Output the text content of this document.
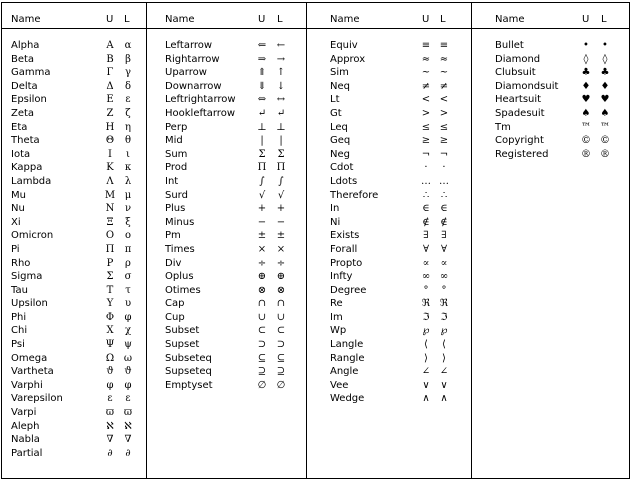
Name	U L
Alpha	Α	α
Beta	Β	β
Gamma	Γ	γ
Delta	Δ	δ
Epsilon	Ε	ε
Zeta	Ζ	ζ
Eta	Η	η
Theta	Θ	θ
Iota	Ι	ι
Kappa	Κ	κ
Lambda	Λ	λ
Mu	Μ μ
Nu	Ν	ν
Xi	Ξ	ξ
Omicron	Ο	ο
Pi	Π	π
Rho	Ρ	ρ
Sigma	Σ	σ
Tau	Τ	τ
Upsilon	Υ	υ
Phi	Φ	φ
Chi	Χ	χ
Psi	Ψ ψ
Omega	Ω ω
Vartheta	ϑ	ϑ
Varphi	φ	φ
Varepsilon	ε	ε
Varpi	ϖ ϖ
Aleph	ℵ	ℵ
Nabla	∇	∇
Partial	∂	∂
Name	U L
Leftarrow	⇐ ←
Rightarrow	⇒ →
Uparrow	⇑ ↑
Downarrow	⇓ ↓
Leftrightarrow ⇔ ↔
Hookleftarrow ↵ ↵
Perp	⊥ ⊥
Mid	|	|
Sum	Σ	Σ
Prod	Π Π
Int	∫	∫
Surd	√	√
Plus	+ +
Minus	− −
Pm	± ±
Times	× ×
Div	÷ ÷
Oplus	⊕ ⊕
Otimes	⊗ ⊗
Cap	∩ ∩
Cup	∪ ∪
Subset	⊂ ⊂
Supset	⊃ ⊃
Subseteq	⊆ ⊆
Supseteq	⊇ ⊇
Emptyset	∅ ∅
Name	U L
Equiv	≡ ≡
Approx	≈ ≈
Sim	~ ~
Neq	≠ ≠
Lt	< <
Gt	> >
Leq	≤ ≤
Geq	≥ ≥
Neg	¬ ¬
Cdot	·	·
Ldots	… …
Therefore	∴	∴
In	∈	∈
Ni	∉	∉
Exists	∃	∃
Forall	∀	∀
Propto	∝	∝
Infty	∞ ∞
Degree	°	°
Re	ℜ ℜ
Im	ℑ	ℑ
Wp	℘	℘
Langle	⟨	⟨
Rangle	⟩	⟩
Angle	∠ ∠
Vee	∨	∨
Wedge	∧	∧
Name	U L
Bullet	•	•
Diamond	◊	◊
Clubsuit	♣ ♣
Diamondsuit ♦ ♦
Heartsuit	♥ ♥
Spadesuit	♠ ♠
Tm	™ ™
Copyright	© ©
Registered	® ®
